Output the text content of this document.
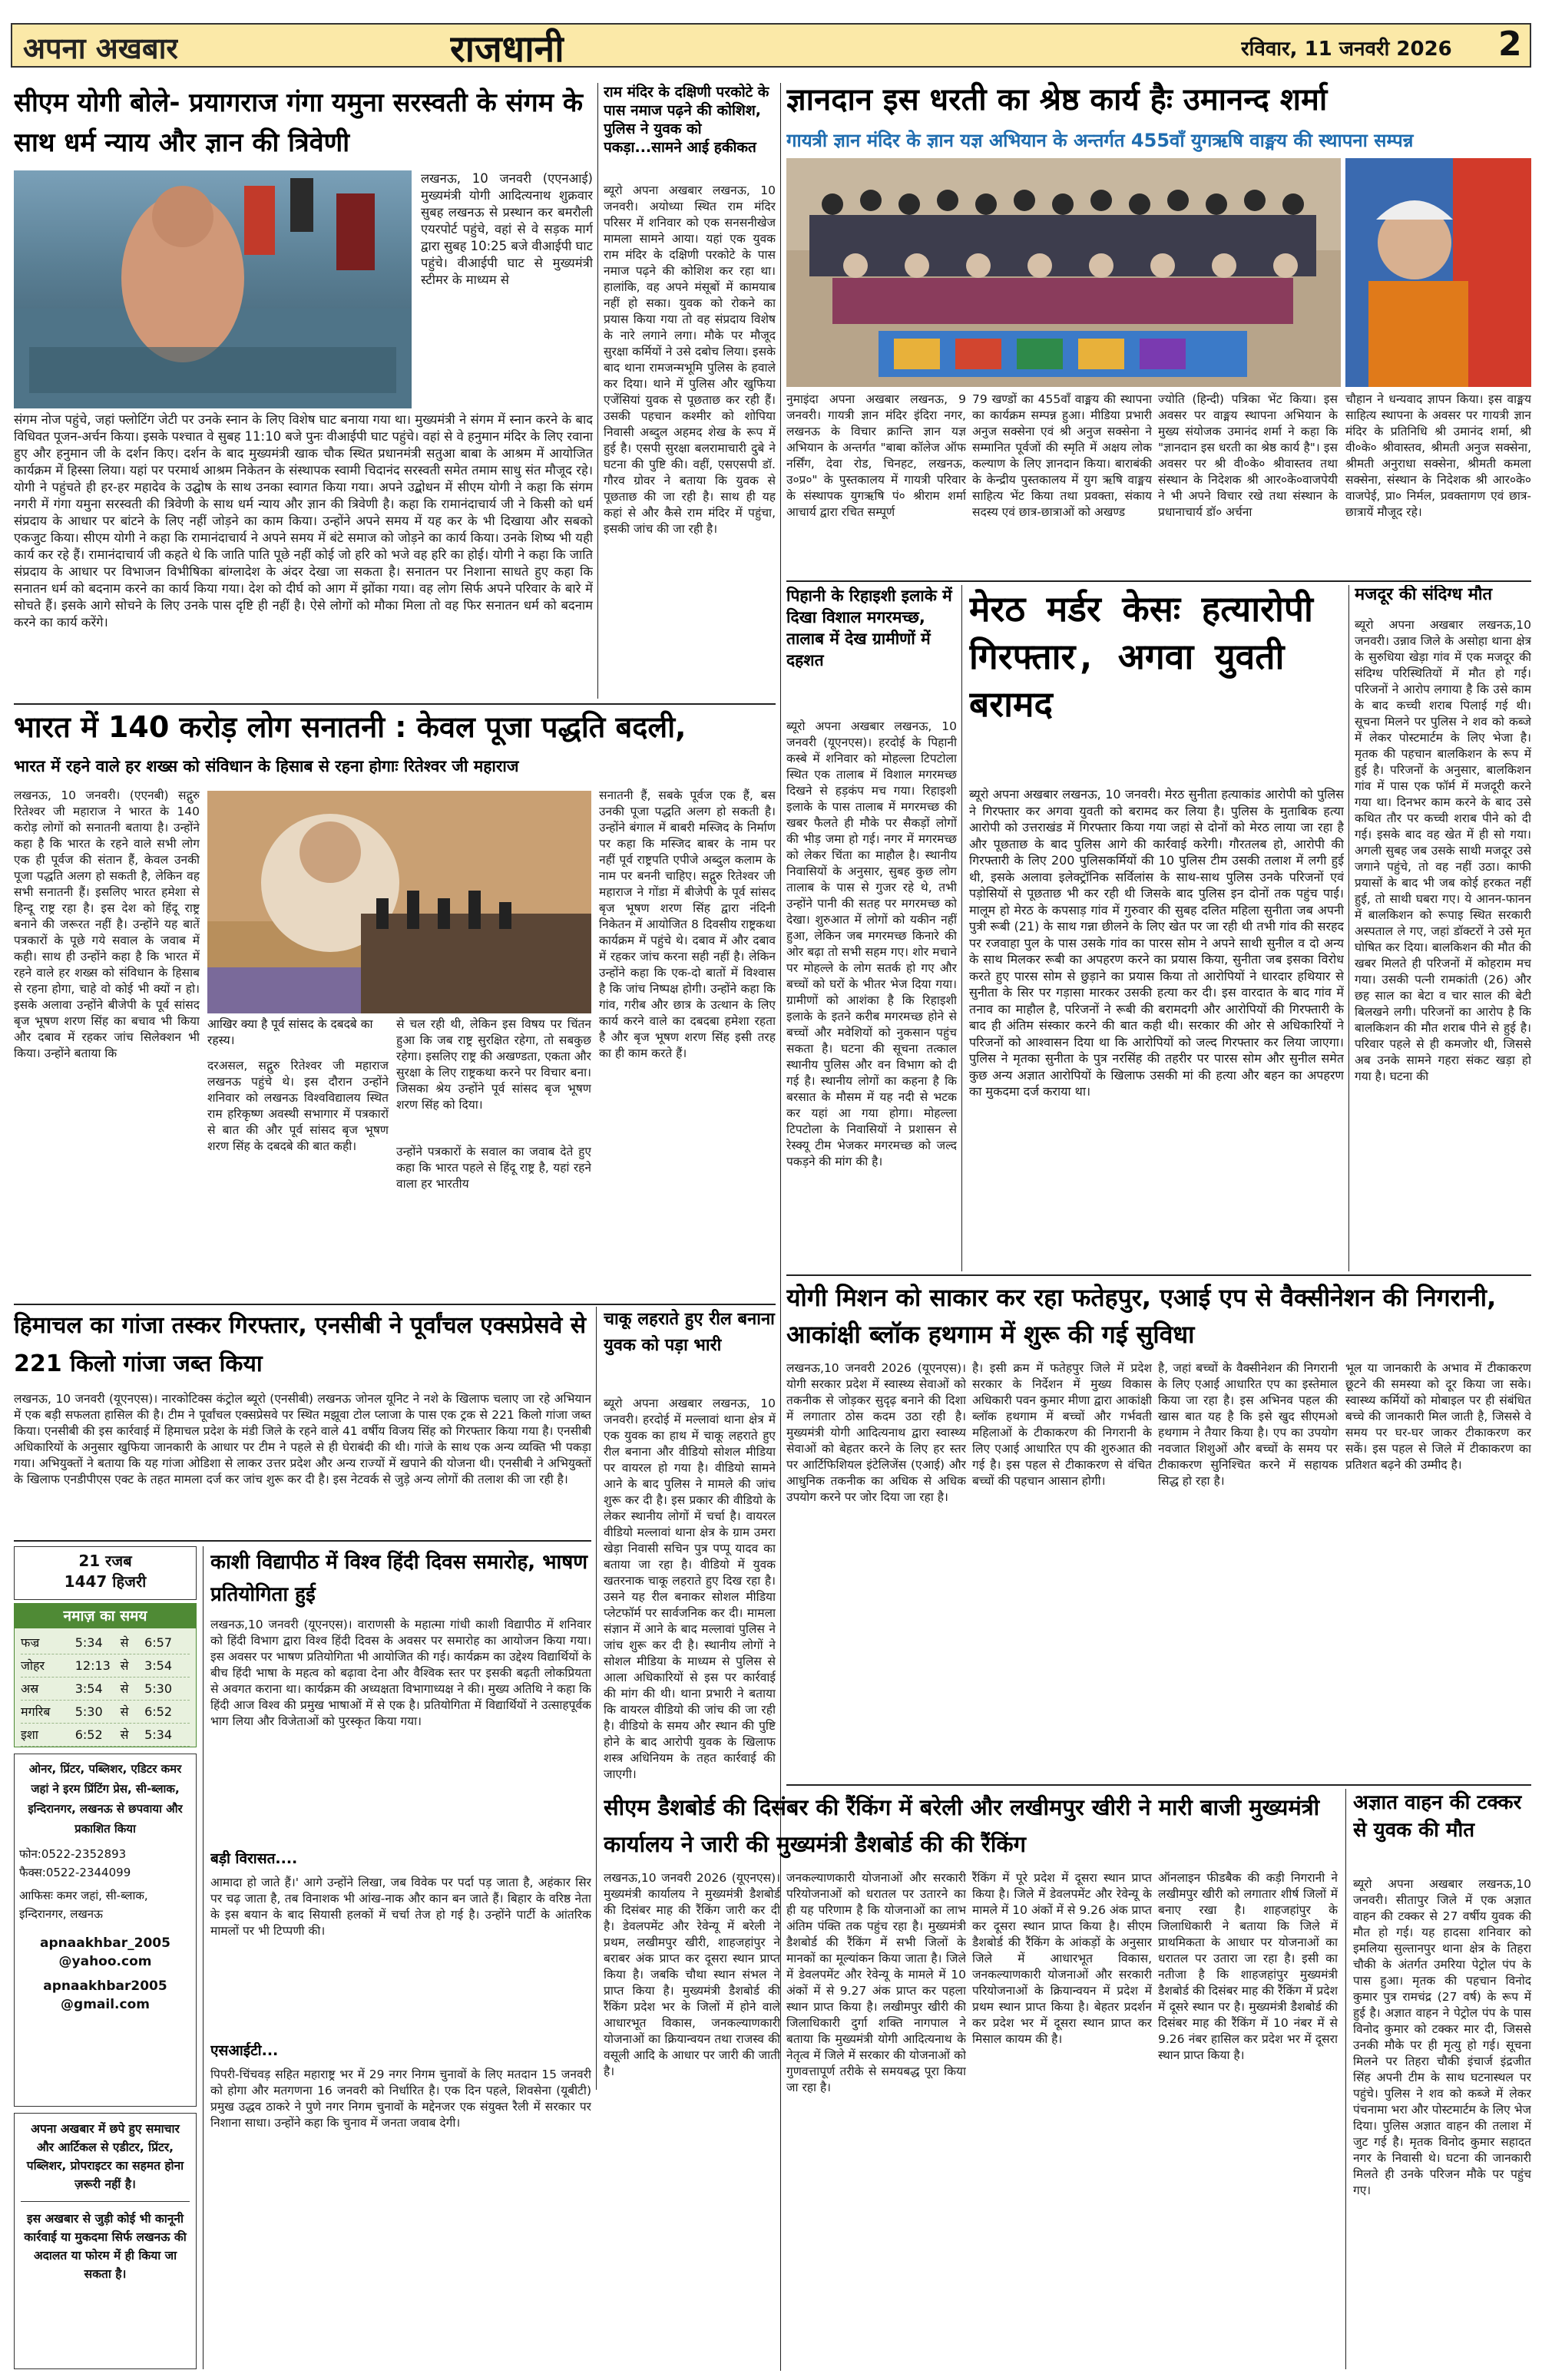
अपना अखबार	राजधानी	रविवार, 11 जनवरी 2026 2
सीएम योगी बोले- प्रयागराज गंगा यमुना सरस्वती के संगम के साथ धर्म न्याय और ज्ञान की त्रिवेणी
लखनऊ, 10 जनवरी (एएनआई) मुख्यमंत्री योगी आदित्यनाथ शुक्रवार सुबह लखनऊ से प्रस्थान कर बमरौली एयरपोर्ट पहुंचे, वहां से वे सड़क मार्ग द्वारा सुबह 10:25 बजे वीआईपी घाट पहुंचे। वीआईपी घाट से मुख्यमंत्री स्टीमर के माध्यम से
संगम नोज पहुंचे, जहां फ्लोटिंग जेटी पर उनके स्नान के लिए विशेष घाट बनाया गया था। मुख्यमंत्री ने संगम में स्नान करने के बाद विधिवत पूजन-अर्चन किया। इसके पश्चात वे सुबह 11:10 बजे पुनः वीआईपी घाट पहुंचे। वहां से वे हनुमान मंदिर के लिए रवाना हुए और हनुमान जी के दर्शन किए। दर्शन के बाद मुख्यमंत्री खाक चौक स्थित प्रधानमंत्री सतुआ बाबा के आश्रम में आयोजित कार्यक्रम में हिस्सा लिया। यहां पर परमार्थ आश्रम निकेतन के संस्थापक स्वामी चिदानंद सरस्वती समेत तमाम साधु संत मौजूद रहे। योगी ने पहुंचते ही हर-हर महादेव के उद्घोष के साथ उनका स्वागत किया गया। अपने उद्बोधन में सीएम योगी ने कहा कि संगम नगरी में गंगा यमुना सरस्वती की त्रिवेणी के साथ धर्म न्याय और ज्ञान की त्रिवेणी है। कहा कि रामानंदाचार्य जी ने किसी को धर्म संप्रदाय के आधार पर बांटने के लिए नहीं जोड़ने का काम किया। उन्होंने अपने समय में यह कर के भी दिखाया और सबको एकजुट किया। सीएम योगी ने कहा कि रामानंदाचार्य ने अपने समय में बंटे समाज को जोड़ने का कार्य किया। उनके शिष्य भी यही कार्य कर रहे हैं। रामानंदाचार्य जी कहते थे कि जाति पाति पूछे नहीं कोई जो हरि को भजे वह हरि का होई। योगी ने कहा कि जाति संप्रदाय के आधार पर विभाजन विभीषिका बांग्लादेश के अंदर देखा जा सकता है। सनातन पर निशाना साधते हुए कहा कि सनातन धर्म को बदनाम करने का कार्य किया गया। देश को दीर्घ को आग में झोंका गया। वह लोग सिर्फ अपने परिवार के बारे में सोचते हैं। इसके आगे सोचने के लिए उनके पास दृष्टि ही नहीं है। ऐसे लोगों को मौका मिला तो वह फिर सनातन धर्म को बदनाम करने का कार्य करेंगे।
राम मंदिर के दक्षिणी परकोटे के पास नमाज पढ़ने की कोशिश, पुलिस ने युवक को पकड़ा...सामने आई हकीकत
ब्यूरो अपना अखबार लखनऊ, 10 जनवरी। अयोध्या स्थित राम मंदिर परिसर में शनिवार को एक सनसनीखेज मामला सामने आया। यहां एक युवक राम मंदिर के दक्षिणी परकोटे के पास नमाज पढ़ने की कोशिश कर रहा था। हालांकि, वह अपने मंसूबों में कामयाब नहीं हो सका। युवक को रोकने का प्रयास किया गया तो वह संप्रदाय विशेष के नारे लगाने लगा। मौके पर मौजूद सुरक्षा कर्मियों ने उसे दबोच लिया। इसके बाद थाना रामजन्मभूमि पुलिस के हवाले कर दिया। थाने में पुलिस और खुफिया एजेंसियां युवक से पूछताछ कर रही हैं। उसकी पहचान कश्मीर को शोपिया निवासी अब्दुल अहमद शेख के रूप में हुई है। एसपी सुरक्षा बलरामाचारी दुबे ने घटना की पुष्टि की। वहीं, एसएसपी डॉ. गौरव ग्रोवर ने बताया कि युवक से पूछताछ की जा रही है। साथ ही यह कहां से और कैसे राम मंदिर में पहुंचा, इसकी जांच की जा रही है।
ज्ञानदान इस धरती का श्रेष्ठ कार्य हैः उमानन्द शर्मा
गायत्री ज्ञान मंदिर के ज्ञान यज्ञ अभियान के अन्तर्गत 455वाँ युगऋषि वाङ्मय की स्थापना सम्पन्न
नुमाइंदा अपना अखबार लखनऊ, 9 जनवरी। गायत्री ज्ञान मंदिर इंदिरा नगर, लखनऊ के विचार क्रान्ति ज्ञान यज्ञ अभियान के अन्तर्गत "बाबा कॉलेज ऑफ नर्सिंग, देवा रोड, चिनहट, लखनऊ, उ०प्र०" के पुस्तकालय में गायत्री परिवार के संस्थापक युगऋषि पं० श्रीराम शर्मा आचार्य द्वारा रचित सम्पूर्ण
79 खण्डों का 455वाँ वाङ्मय की स्थापना का कार्यक्रम सम्पन्न हुआ। मीडिया प्रभारी अनुज सक्सेना एवं श्री अनुज सक्सेना ने सम्मानित पूर्वजों की स्मृति में अक्षय लोक कल्याण के लिए ज्ञानदान किया। बाराबंकी के केन्द्रीय पुस्तकालय में युग ऋषि वाङ्मय साहित्य भेंट किया तथा प्रवक्ता, संकाय सदस्य एवं छात्र-छात्राओं को अखण्ड
ज्योति (हिन्दी) पत्रिका भेंट किया। इस अवसर पर वाङ्मय स्थापना अभियान के मुख्य संयोजक उमानंद शर्मा ने कहा कि "ज्ञानदान इस धरती का श्रेष्ठ कार्य है"। इस अवसर पर श्री वी०के० श्रीवास्तव तथा संस्थान के निदेशक श्री आर०के०वाजपेयी ने भी अपने विचार रखे तथा संस्थान के प्रधानाचार्य डॉ० अर्चना
चौहान ने धन्यवाद ज्ञापन किया। इस वाङ्मय साहित्य स्थापना के अवसर पर गायत्री ज्ञान मंदिर के प्रतिनिधि श्री उमानंद शर्मा, श्री वी०के० श्रीवास्तव, श्रीमती अनुज सक्सेना, श्रीमती अनुराधा सक्सेना, श्रीमती कमला सक्सेना, संस्थान के निदेशक श्री आर०के० वाजपेई, प्रा० निर्मल, प्रवक्तागण एवं छात्र-छात्रायें मौजूद रहे।
पिहानी के रिहाइशी इलाके में दिखा विशाल मगरमच्छ, तालाब में देख ग्रामीणों में दहशत
ब्यूरो अपना अखबार लखनऊ, 10 जनवरी (यूएनएस)। हरदोई के पिहानी कस्बे में शनिवार को मोहल्ला टिपटोला स्थित एक तालाब में विशाल मगरमच्छ दिखने से हड़कंप मच गया। रिहाइशी इलाके के पास तालाब में मगरमच्छ की खबर फैलते ही मौके पर सैकड़ों लोगों की भीड़ जमा हो गई। नगर में मगरमच्छ को लेकर चिंता का माहौल है। स्थानीय निवासियों के अनुसार, सुबह कुछ लोग तालाब के पास से गुजर रहे थे, तभी उन्होंने पानी की सतह पर मगरमच्छ को देखा। शुरुआत में लोगों को यकीन नहीं हुआ, लेकिन जब मगरमच्छ किनारे की ओर बढ़ा तो सभी सहम गए। शोर मचाने पर मोहल्ले के लोग सतर्क हो गए और बच्चों को घरों के भीतर भेज दिया गया। ग्रामीणों को आशंका है कि रिहाइशी इलाके के इतने करीब मगरमच्छ होने से बच्चों और मवेशियों को नुकसान पहुंच सकता है। घटना की सूचना तत्काल स्थानीय पुलिस और वन विभाग को दी गई है। स्थानीय लोगों का कहना है कि बरसात के मौसम में यह नदी से भटक कर यहां आ गया होगा। मोहल्ला टिपटोला के निवासियों ने प्रशासन से रेस्क्यू टीम भेजकर मगरमच्छ को जल्द पकड़ने की मांग की है।
मेरठ मर्डर केसः हत्यारोपी गिरफ्तार, अगवा युवती बरामद
ब्यूरो अपना अखबार लखनऊ, 10 जनवरी। मेरठ सुनीता हत्याकांड आरोपी को पुलिस ने गिरफ्तार कर अगवा युवती को बरामद कर लिया है। पुलिस के मुताबिक हत्या आरोपी को उत्तराखंड में गिरफ्तार किया गया जहां से दोनों को मेरठ लाया जा रहा है और पूछताछ के बाद पुलिस आगे की कार्रवाई करेगी। गौरतलब हो, आरोपी की गिरफ्तारी के लिए 200 पुलिसकर्मियों की 10 पुलिस टीम उसकी तलाश में लगी हुई थी, इसके अलावा इलेक्ट्रॉनिक सर्विलांस के साथ-साथ पुलिस उनके परिजनों एवं पड़ोसियों से पूछताछ भी कर रही थी जिसके बाद पुलिस इन दोनों तक पहुंच पाई। मालूम हो मेरठ के कपसाड़ गांव में गुरुवार की सुबह दलित महिला सुनीता जब अपनी पुत्री रूबी (21) के साथ गन्ना छीलने के लिए खेत पर जा रही थी तभी गांव की सरहद पर रजवाहा पुल के पास उसके गांव का पारस सोम ने अपने साथी सुनील व दो अन्य के साथ मिलकर रूबी का अपहरण करने का प्रयास किया, सुनीता जब इसका विरोध करते हुए पारस सोम से छुड़ाने का प्रयास किया तो आरोपियों ने धारदार हथियार से सुनीता के सिर पर गड़ासा मारकर उसकी हत्या कर दी। इस वारदात के बाद गांव में तनाव का माहौल है, परिजनों ने रूबी की बरामदगी और आरोपियों की गिरफ्तारी के बाद ही अंतिम संस्कार करने की बात कही थी। सरकार की ओर से अधिकारियों ने परिजनों को आश्वासन दिया था कि आरोपियों को जल्द गिरफ्तार कर लिया जाएगा। पुलिस ने मृतका सुनीता के पुत्र नरसिंह की तहरीर पर पारस सोम और सुनील समेत कुछ अन्य अज्ञात आरोपियों के खिलाफ उसकी मां की हत्या और बहन का अपहरण का मुकदमा दर्ज कराया था।
मजदूर की संदिग्ध मौत
ब्यूरो अपना अखबार लखनऊ,10 जनवरी। उन्नाव जिले के असोहा थाना क्षेत्र के सुरुधिया खेड़ा गांव में एक मजदूर की संदिग्ध परिस्थितियों में मौत हो गई। परिजनों ने आरोप लगाया है कि उसे काम के बाद कच्ची शराब पिलाई गई थी। सूचना मिलने पर पुलिस ने शव को कब्जे में लेकर पोस्टमार्टम के लिए भेजा है। मृतक की पहचान बालकिशन के रूप में हुई है। परिजनों के अनुसार, बालकिशन गांव में पास एक फॉर्म में मजदूरी करने गया था। दिनभर काम करने के बाद उसे कथित तौर पर कच्ची शराब पीने को दी गई। इसके बाद वह खेत में ही सो गया। अगली सुबह जब उसके साथी मजदूर उसे जगाने पहुंचे, तो वह नहीं उठा। काफी प्रयासों के बाद भी जब कोई हरकत नहीं हुई, तो साथी घबरा गए। ये आनन-फानन में बालकिशन को रूपाइ स्थित सरकारी अस्पताल ले गए, जहां डॉक्टरों ने उसे मृत घोषित कर दिया। बालकिशन की मौत की खबर मिलते ही परिजनों में कोहराम मच गया। उसकी पत्नी रामकांती (26) और छह साल का बेटा व चार साल की बेटी बिलखने लगी। परिजनों का आरोप है कि बालकिशन की मौत शराब पीने से हुई है। परिवार पहले से ही कमजोर थी, जिससे अब उनके सामने गहरा संकट खड़ा हो गया है। घटना की
भारत में 140 करोड़ लोग सनातनी : केवल पूजा पद्धति बदली,
भारत में रहने वाले हर शख्स को संविधान के हिसाब से रहना होगाः रितेश्वर जी महाराज
लखनऊ, 10 जनवरी। (एएनबी) सद्गुरु रितेश्वर जी महाराज ने भारत के 140 करोड़ लोगों को सनातनी बताया है। उन्होंने कहा है कि भारत के रहने वाले सभी लोग एक ही पूर्वज की संतान हैं, केवल उनकी पूजा पद्धति अलग हो सकती है, लेकिन वह सभी सनातनी हैं। इसलिए भारत हमेशा से हिन्दू राष्ट्र रहा है। इस देश को हिंदू राष्ट्र बनाने की जरूरत नहीं है। उन्होंने यह बातें पत्रकारों के पूछे गये सवाल के जवाब में कही। साथ ही उन्होंने कहा है कि भारत में रहने वाले हर शख्स को संविधान के हिसाब से रहना होगा, चाहे वो कोई भी क्यों न हो। इसके अलावा उन्होंने बीजेपी के पूर्व सांसद बृज भूषण शरण सिंह का बचाव भी किया और दबाव में रहकर जांच सिलेक्शन भी किया। उन्होंने बताया कि
आखिर क्या है पूर्व सांसद के दबदबे का रहस्य।
दरअसल, सद्गुरु रितेश्वर जी महाराज लखनऊ पहुंचे थे। इस दौरान उन्होंने शनिवार को लखनऊ विश्वविद्यालय स्थित राम हरिकृष्ण अवस्थी सभागार में पत्रकारों से बात की और पूर्व सांसद बृज भूषण शरण सिंह के दबदबे की बात कही।
से चल रही थी, लेकिन इस विषय पर चिंतन हुआ कि जब राष्ट्र सुरक्षित रहेगा, तो सबकुछ रहेगा। इसलिए राष्ट्र की अखण्डता, एकता और सुरक्षा के लिए राष्ट्रकथा करने पर विचार बना। जिसका श्रेय उन्होंने पूर्व सांसद बृज भूषण शरण सिंह को दिया।
उन्होंने पत्रकारों के सवाल का जवाब देते हुए कहा कि भारत पहले से हिंदू राष्ट्र है, यहां रहने वाला हर भारतीय
सनातनी हैं, सबके पूर्वज एक हैं, बस उनकी पूजा पद्धति अलग हो सकती है। उन्होंने बंगाल में बाबरी मस्जिद के निर्माण पर कहा कि मस्जिद बाबर के नाम पर नहीं पूर्व राष्ट्रपति एपीजे अब्दुल कलाम के नाम पर बननी चाहिए। सद्गुरु रितेश्वर जी महाराज ने गोंडा में बीजेपी के पूर्व सांसद बृज भूषण शरण सिंह द्वारा नंदिनी निकेतन में आयोजित 8 दिवसीय राष्ट्रकथा कार्यक्रम में पहुंचे थे। दबाव में और दबाव में रहकर जांच करना सही नहीं है। लेकिन उन्होंने कहा कि एक-दो बातों में विश्वास है कि जांच निष्पक्ष होगी। उन्होंने कहा कि गांव, गरीब और छात्र के उत्थान के लिए कार्य करने वाले का दबदबा हमेशा रहता है और बृज भूषण शरण सिंह इसी तरह का ही काम करते हैं।
हिमाचल का गांजा तस्कर गिरफ्तार, एनसीबी ने पूर्वांचल एक्सप्रेसवे से 221 किलो गांजा जब्त किया
लखनऊ, 10 जनवरी (यूएनएस)। नारकोटिक्स कंट्रोल ब्यूरो (एनसीबी) लखनऊ जोनल यूनिट ने नशे के खिलाफ चलाए जा रहे अभियान में एक बड़ी सफलता हासिल की है। टीम ने पूर्वांचल एक्सप्रेसवे पर स्थित मझूवा टोल प्लाजा के पास एक ट्रक से 221 किलो गांजा जब्त किया। एनसीबी की इस कार्रवाई में हिमाचल प्रदेश के मंडी जिले के रहने वाले 41 वर्षीय विजय सिंह को गिरफ्तार किया गया है। एनसीबी अधिकारियों के अनुसार खुफिया जानकारी के आधार पर टीम ने पहले से ही घेराबंदी की थी। गांजे के साथ एक अन्य व्यक्ति भी पकड़ा गया। अभियुक्तों ने बताया कि यह गांजा ओडिशा से लाकर उत्तर प्रदेश और अन्य राज्यों में खपाने की योजना थी। एनसीबी ने अभियुक्तों के खिलाफ एनडीपीएस एक्ट के तहत मामला दर्ज कर जांच शुरू कर दी है। इस नेटवर्क से जुड़े अन्य लोगों की तलाश की जा रही है।
चाकू लहराते हुए रील बनाना युवक को पड़ा भारी
ब्यूरो अपना अखबार लखनऊ, 10 जनवरी। हरदोई में मल्लावां थाना क्षेत्र में एक युवक का हाथ में चाकू लहराते हुए रील बनाना और वीडियो सोशल मीडिया पर वायरल हो गया है। वीडियो सामने आने के बाद पुलिस ने मामले की जांच शुरू कर दी है। इस प्रकार की वीडियो के लेकर स्थानीय लोगों में चर्चा है। वायरल वीडियो मल्लावां थाना क्षेत्र के ग्राम उमरा खेड़ा निवासी सचिन पुत्र पप्पू यादव का बताया जा रहा है। वीडियो में युवक खतरनाक चाकू लहराते हुए दिख रहा है। उसने यह रील बनाकर सोशल मीडिया प्लेटफॉर्म पर सार्वजनिक कर दी। मामला संज्ञान में आने के बाद मल्लावां पुलिस ने जांच शुरू कर दी है। स्थानीय लोगों ने सोशल मीडिया के माध्यम से पुलिस से आला अधिकारियों से इस पर कार्रवाई की मांग की थी। थाना प्रभारी ने बताया कि वायरल वीडियो की जांच की जा रही है। वीडियो के समय और स्थान की पुष्टि होने के बाद आरोपी युवक के खिलाफ शस्त्र अधिनियम के तहत कार्रवाई की जाएगी।
योगी मिशन को साकार कर रहा फतेहपुर, एआई एप से वैक्सीनेशन की निगरानी, आकांक्षी ब्लॉक हथगाम में शुरू की गई सुविधा
लखनऊ,10 जनवरी 2026 (यूएनएस)। योगी सरकार प्रदेश में स्वास्थ्य सेवाओं को तकनीक से जोड़कर सुदृढ़ बनाने की दिशा में लगातार ठोस कदम उठा रही है। मुख्यमंत्री योगी आदित्यनाथ द्वारा स्वास्थ्य सेवाओं को बेहतर करने के लिए हर स्तर पर आर्टिफिशियल इंटेलिजेंस (एआई) और आधुनिक तकनीक का अधिक से अधिक उपयोग करने पर जोर दिया जा रहा है।
है। इसी क्रम में फतेहपुर जिले में प्रदेश सरकार के निर्देशन में मुख्य विकास अधिकारी पवन कुमार मीणा द्वारा आकांक्षी ब्लॉक हथगाम में बच्चों और गर्भवती महिलाओं के टीकाकरण की निगरानी के लिए एआई आधारित एप की शुरुआत की गई है। इस पहल से टीकाकरण से वंचित बच्चों की पहचान आसान होगी।
है, जहां बच्चों के वैक्सीनेशन की निगरानी के लिए एआई आधारित एप का इस्तेमाल किया जा रहा है। इस अभिनव पहल की खास बात यह है कि इसे खुद सीएमओ हथगाम ने तैयार किया है। एप का उपयोग नवजात शिशुओं और बच्चों के समय पर टीकाकरण सुनिश्चित करने में सहायक सिद्ध हो रहा है।
भूल या जानकारी के अभाव में टीकाकरण छूटने की समस्या को दूर किया जा सके। स्वास्थ्य कर्मियों को मोबाइल पर ही संबंधित बच्चे की जानकारी मिल जाती है, जिससे वे समय पर घर-घर जाकर टीकाकरण कर सकें। इस पहल से जिले में टीकाकरण का प्रतिशत बढ़ने की उम्मीद है।
सीएम डैशबोर्ड की दिसंबर की रैंकिंग में बरेली और लखीमपुर खीरी ने मारी बाजी मुख्यमंत्री कार्यालय ने जारी की मुख्यमंत्री डैशबोर्ड की की रैंकिंग
लखनऊ,10 जनवरी 2026 (यूएनएस)। मुख्यमंत्री कार्यालय ने मुख्यमंत्री डैशबोर्ड की दिसंबर माह की रैंकिंग जारी कर दी है। डेवलपमेंट और रेवेन्यू में बरेली ने प्रथम, लखीमपुर खीरी, शाहजहांपुर ने बराबर अंक प्राप्त कर दूसरा स्थान प्राप्त किया है। जबकि चौथा स्थान संभल ने प्राप्त किया है। मुख्यमंत्री डैशबोर्ड की रैंकिंग प्रदेश भर के जिलों में होने वाले आधारभूत विकास, जनकल्याणकारी योजनाओं का क्रियान्वयन तथा राजस्व की वसूली आदि के आधार पर जारी की जाती है।
जनकल्याणकारी योजनाओं और सरकारी परियोजनाओं को धरातल पर उतारने का ही यह परिणाम है कि योजनाओं का लाभ अंतिम पंक्ति तक पहुंच रहा है। मुख्यमंत्री डैशबोर्ड की रैंकिंग में सभी जिलों के मानकों का मूल्यांकन किया जाता है। जिले में डेवलपमेंट और रेवेन्यू के मामले में 10 अंकों में से 9.27 अंक प्राप्त कर पहला स्थान प्राप्त किया है। लखीमपुर खीरी की जिलाधिकारी दुर्गा शक्ति नागपाल ने बताया कि मुख्यमंत्री योगी आदित्यनाथ के नेतृत्व में जिले में सरकार की योजनाओं को गुणवत्तापूर्ण तरीके से समयबद्ध पूरा किया जा रहा है।
रैंकिंग में पूरे प्रदेश में दूसरा स्थान प्राप्त किया है। जिले में डेवलपमेंट और रेवेन्यू के मामले में 10 अंकों में से 9.26 अंक प्राप्त कर दूसरा स्थान प्राप्त किया है। सीएम डैशबोर्ड की रैंकिंग के आंकड़ों के अनुसार जिले में आधारभूत विकास, जनकल्याणकारी योजनाओं और सरकारी परियोजनाओं के क्रियान्वयन में प्रदेश में प्रथम स्थान प्राप्त किया है। बेहतर प्रदर्शन कर प्रदेश भर में दूसरा स्थान प्राप्त कर मिसाल कायम की है।
ऑनलाइन फीडबैक की कड़ी निगरानी ने लखीमपुर खीरी को लगातार शीर्ष जिलों में बनाए रखा है। शाहजहांपुर के जिलाधिकारी ने बताया कि जिले में प्राथमिकता के आधार पर योजनाओं का धरातल पर उतारा जा रहा है। इसी का नतीजा है कि शाहजहांपुर मुख्यमंत्री डैशबोर्ड की दिसंबर माह की रैंकिंग में प्रदेश में दूसरे स्थान पर है। मुख्यमंत्री डैशबोर्ड की दिसंबर माह की रैंकिंग में 10 नंबर में से 9.26 नंबर हासिल कर प्रदेश भर में दूसरा स्थान प्राप्त किया है।
अज्ञात वाहन की टक्कर से युवक की मौत
ब्यूरो अपना अखबार लखनऊ,10 जनवरी। सीतापुर जिले में एक अज्ञात वाहन की टक्कर से 27 वर्षीय युवक की मौत हो गई। यह हादसा शनिवार को इमलिया सुल्तानपुर थाना क्षेत्र के तिहरा चौकी के अंतर्गत उमरिया पेट्रोल पंप के पास हुआ। मृतक की पहचान विनोद कुमार पुत्र रामचंद्र (27 वर्ष) के रूप में हुई है। अज्ञात वाहन ने पेट्रोल पंप के पास विनोद कुमार को टक्कर मार दी, जिससे उनकी मौके पर ही मृत्यु हो गई। सूचना मिलने पर तिहरा चौकी इंचार्ज इंद्रजीत सिंह अपनी टीम के साथ घटनास्थल पर पहुंचे। पुलिस ने शव को कब्जे में लेकर पंचनामा भरा और पोस्टमार्टम के लिए भेज दिया। पुलिस अज्ञात वाहन की तलाश में जुट गई है। मृतक विनोद कुमार सहादत नगर के निवासी थे। घटना की जानकारी मिलते ही उनके परिजन मौके पर पहुंच गए।
काशी विद्यापीठ में विश्व हिंदी दिवस समारोह, भाषण प्रतियोगिता हुई
लखनऊ,10 जनवरी (यूएनएस)। वाराणसी के महात्मा गांधी काशी विद्यापीठ में शनिवार को हिंदी विभाग द्वारा विश्व हिंदी दिवस के अवसर पर समारोह का आयोजन किया गया। इस अवसर पर भाषण प्रतियोगिता भी आयोजित की गई। कार्यक्रम का उद्देश्य विद्यार्थियों के बीच हिंदी भाषा के महत्व को बढ़ावा देना और वैश्विक स्तर पर इसकी बढ़ती लोकप्रियता से अवगत कराना था। कार्यक्रम की अध्यक्षता विभागाध्यक्ष ने की। मुख्य अतिथि ने कहा कि हिंदी आज विश्व की प्रमुख भाषाओं में से एक है। प्रतियोगिता में विद्यार्थियों ने उत्साहपूर्वक भाग लिया और विजेताओं को पुरस्कृत किया गया।
बड़ी विरासत....
आमादा हो जाते हैं।' आगे उन्होंने लिखा, जब विवेक पर पर्दा पड़ जाता है, अहंकार सिर पर चढ़ जाता है, तब विनाशक भी आंख-नाक और कान बन जाते हैं। बिहार के वरिष्ठ नेता के इस बयान के बाद सियासी हलकों में चर्चा तेज हो गई है। उन्होंने पार्टी के आंतरिक मामलों पर भी टिप्पणी की।
एसआईटी...
पिपरी-चिंचवड़ सहित महाराष्ट्र भर में 29 नगर निगम चुनावों के लिए मतदान 15 जनवरी को होगा और मतगणना 16 जनवरी को निर्धारित है। एक दिन पहले, शिवसेना (यूबीटी) प्रमुख उद्धव ठाकरे ने पुणे नगर निगम चुनावों के मद्देनजर एक संयुक्त रैली में सरकार पर निशाना साधा। उन्होंने कहा कि चुनाव में जनता जवाब देगी।
21 रजब
1447 हिजरी
नमाज़ का समय
फज्र	5:34	से	6:57
जोहर	12:13 से	3:54
अस्र	3:54	से	5:30
मगरिब	5:30	से	6:52
इशा	6:52	से	5:34
ओनर, प्रिंटर, पब्लिशर, एडिटर कमर जहां ने इरम प्रिंटिंग प्रेस, सी-ब्लाक, इन्दिरानगर, लखनऊ से छपवाया और प्रकाशित किया
फोन:0522-2352893
फैक्स:0522-2344099
आफिसः कमर जहां, सी-ब्लाक, इन्दिरानगर, लखनऊ
apnaakhbar_2005
@yahoo.com
apnaakhbar2005
@gmail.com
अपना अखबार में छपे हुए समाचार और आर्टिकल से एडीटर, प्रिंटर, पब्लिशर, प्रोपराइटर का सहमत होना ज़रूरी नहीं है।
इस अखबार से जुड़ी कोई भी कानूनी कार्रवाई या मुकदमा सिर्फ लखनऊ की अदालत या फोरम में ही किया जा सकता है।
